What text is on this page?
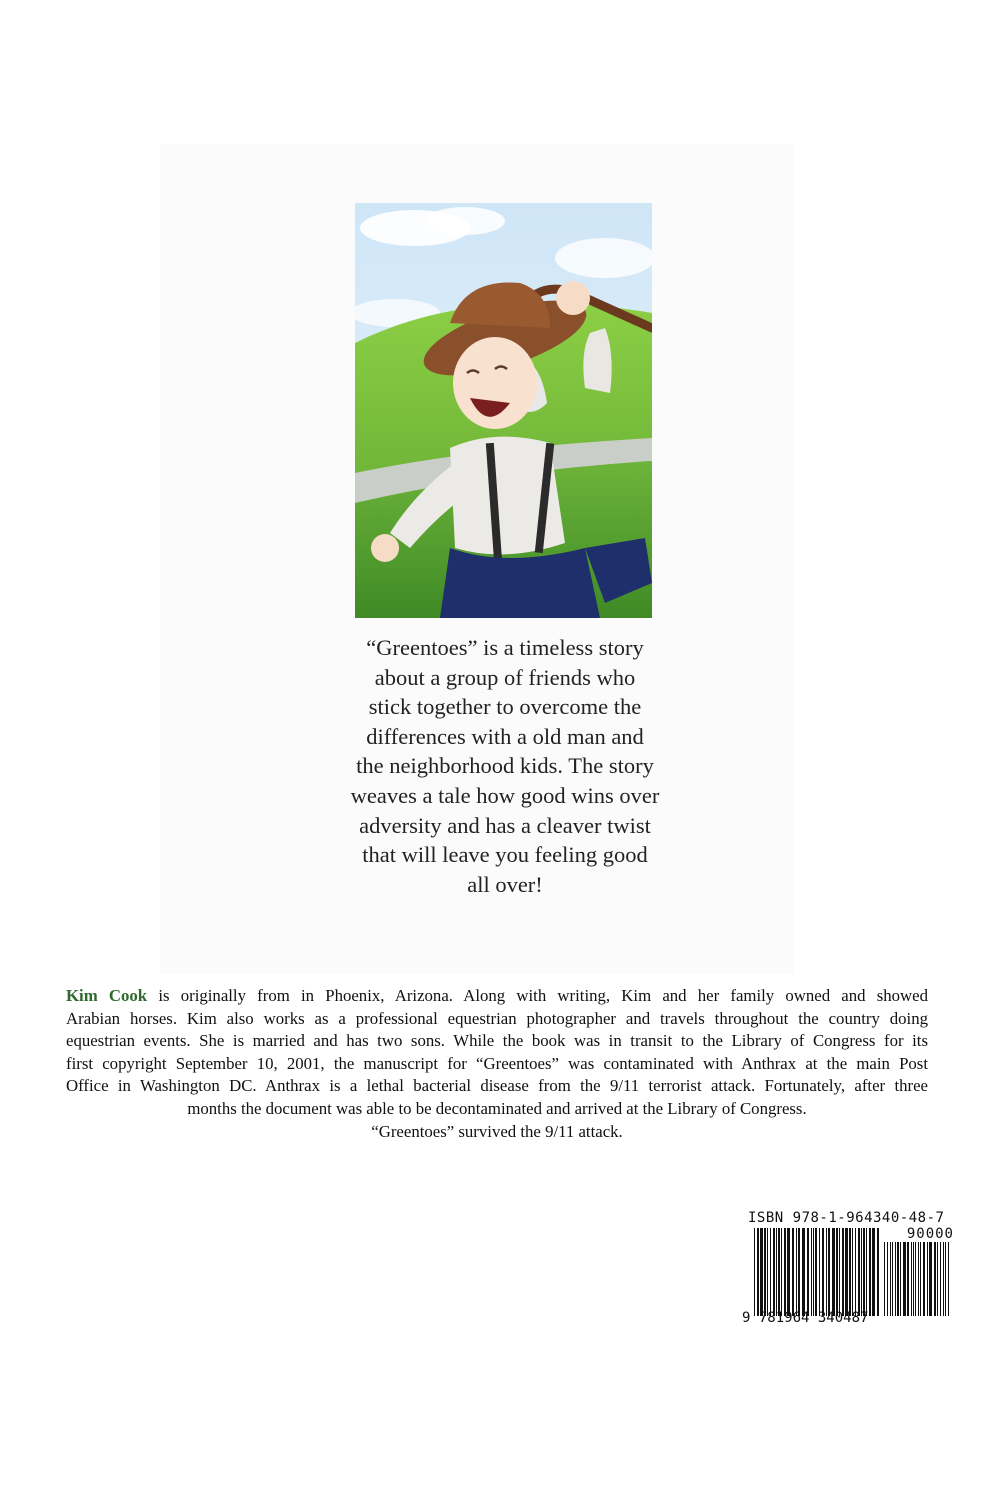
“Greentoes” is a timeless story
about a group of friends who
stick together to overcome the
differences with a old man and
the neighborhood kids. The story
weaves a tale how good wins over
adversity and has a cleaver twist
that will leave you feeling good
all over!

Kim Cook is originally from in Phoenix, Arizona. Along with writing, Kim and her family owned and showed
Arabian horses. Kim also works as a professional equestrian photographer and travels throughout the country doing
equestrian events. She is married and has two sons. While the book was in transit to the Library of Congress for its
first copyright September 10, 2001, the manuscript for “Greentoes” was contaminated with Anthrax at the main Post
Office in Washington DC. Anthrax is a lethal bacterial disease from the 9/11 terrorist attack. Fortunately, after three
months the document was able to be decontaminated and arrived at the Library of Congress.
“Greentoes” survived the 9/11 attack.
ISBN 978-1-964340-48-7
90000
9 781964 340487
